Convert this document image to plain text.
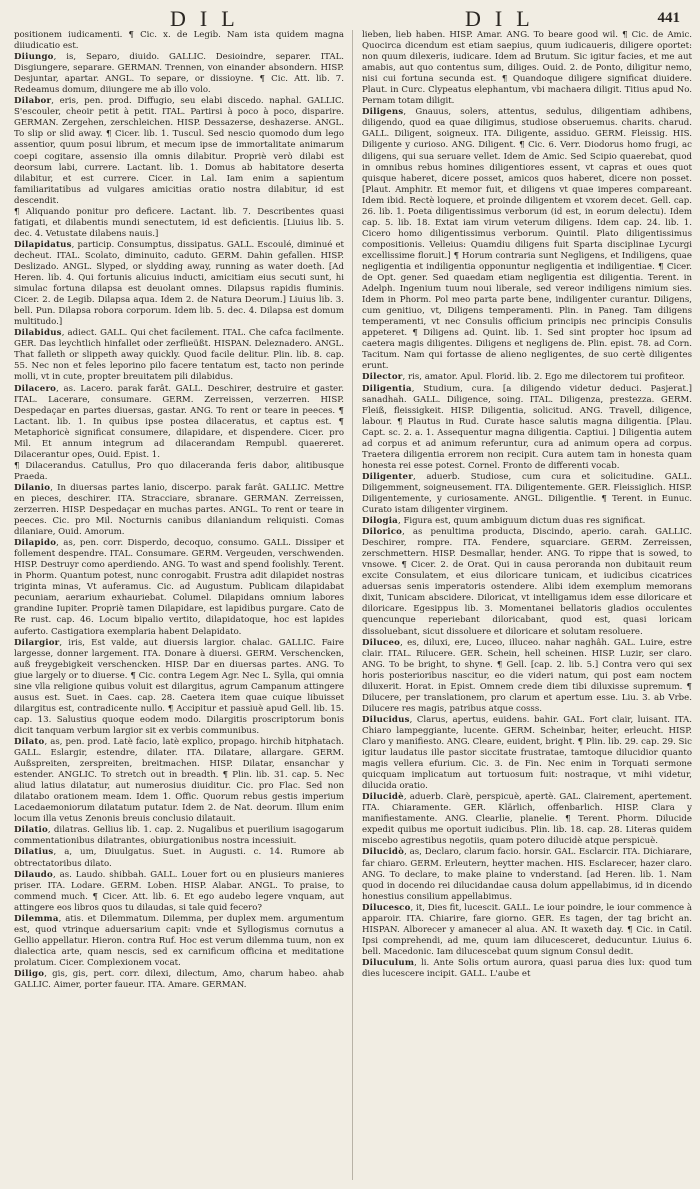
DIL	DIL	441

positionem iudicamenti. ¶ Cic. x. de Legib. Nam ista quidem magna diiudicatio est.

Diiungo, is, Separo, diuido. GALLIC. Desioindre, separer. ITAL. Disgiungere, separare. GERMAN. Trennen, von einander absondern. HISP. Desjuntar, apartar. ANGL. To separe, or dissioyne. ¶ Cic. Att. lib. 7. Redeamus domum, diiungere me ab illo volo.

Dilabor, eris, pen. prod. Diffugio, seu elabi discedo. naphal. GALLIC. S'escouler, cheoir petit à petit. ITAL. Partirsi à poco à poco, disparire. GERMAN. Zergehen, zerschleichen. HISP. Dessazerse, deshazerse. ANGL. To slip or slid away. ¶ Cicer. lib. 1. Tuscul. Sed nescio quomodo dum lego assentior, quum posui librum, et mecum ipse de immortalitate animarum coepi cogitare, assensio illa omnis dilabitur. Propriè verò dilabi est deorsum labi, currere. Lactant. lib. 1. Domus ab habitatore deserta dilabitur, et est currere. Cicer. in Lal. Iam enim a sapientum familiaritatibus ad vulgares amicitias oratio nostra dilabitur, id est descendit.

¶ Aliquando ponitur pro deficere. Lactant. lib. 7. Describentes quasi fatigati, et dilabentis mundi senectutem, id est deficientis. [Liuius lib. 5. dec. 4. Vetustate dilabens nauis.]

Dilapidatus, particip. Consumptus, dissipatus. GALL. Escoulé, diminué et decheut. ITAL. Scolato, diminuito, caduto. GERM. Dahin gefallen. HISP. Deslizado. ANGL. Slyped, or slydding away, running as water doeth. [Ad Heren. lib. 4. Qui fortunis alicuius inducti, amicitiam eius secuti sunt, hi simulac fortuna dilapsa est deuolant omnes. Dilapsus rapidis fluminis. Cicer. 2. de Legib. Dilapsa aqua. Idem 2. de Natura Deorum.] Liuius lib. 3. bell. Pun. Dilapsa robora corporum. Idem lib. 5. dec. 4. Dilapsa est domum multitudo.]

Dilabidus, adiect. GALL. Qui chet facilement. ITAL. Che cafca facilmente. GER. Das leychtlich hinfallet oder zerflieüßt. HISPAN. Deleznadero. ANGL. That falleth or slippeth away quickly. Quod facile delitur. Plin. lib. 8. cap. 55. Nec non et feles leporino pilo facere tentatum est, tacto non perinde molli, vt in cute, propter breuitatem pili dilabidus.

Dilacero, as. Lacero. parak farât. GALL. Deschirer, destruire et gaster. ITAL. Lacerare, consumare. GERM. Zerreissen, verzerren. HISP. Despedaçar en partes diuersas, gastar. ANG. To rent or teare in peeces. ¶ Lactant. lib. 1. In quibus ipse postea dilaceratus, et captus est. ¶ Metaphoricè significat consumere, dilapidare, et dispendere. Cicer. pro Mil. Et annum integrum ad dilacerandam Rempubl. quaereret. Dilacerantur opes, Ouid. Epist. 1.

¶ Dilacerandus. Catullus, Pro quo dilaceranda feris dabor, alitibusque Praeda.

Dilanio, In diuersas partes lanio, discerpo. parak farât. GALLIC. Mettre en pieces, deschirer. ITA. Stracciare, sbranare. GERMAN. Zerreissen, zerzerren. HISP. Despedaçar en muchas partes. ANGL. To rent or teare in peeces. Cic. pro Mil. Nocturnis canibus dilaniandum reliquisti. Comas dilaniare, Ouid. Amorum.

Dilapido, as, pen. corr. Disperdo, decoquo, consumo. GALL. Dissiper et follement despendre. ITAL. Consumare. GERM. Vergeuden, verschwenden. HISP. Destruyr como aperdiendo. ANG. To wast and spend foolishly. Terent. in Phorm. Quantum potest, nunc conrogabit. Frustra adit dilapidet nostras triginta minas, Vt auferamus. Cic. ad Augustum. Publicam dilapidabat pecuniam, aerarium exhauriebat. Columel. Dilapidans omnium labores grandine Iupiter. Propriè tamen Dilapidare, est lapidibus purgare. Cato de Re rust. cap. 46. Locum bipalio vertito, dilapidatoque, hoc est lapides auferto. Castigatiora exemplaria habent Delapidato.

Dilargior, iris, Est valde, aut diuersis largior. chalac. GALLIC. Faire largesse, donner largement. ITA. Donare à diuersi. GERM. Verschencken, auß freygebigkeit verschencken. HISP. Dar en diuersas partes. ANG. To giue largely or to diuerse. ¶ Cic. contra Legem Agr. Nec L. Sylla, qui omnia sine vlla religione quibus voluit est dilargitus, agrum Campanum attingere ausus est. Suet. in Caes. cap. 28. Caetera item quae cuique libuisset dilargitus est, contradicente nullo. ¶ Accipitur et passiuè apud Gell. lib. 15. cap. 13. Salustius quoque eodem modo. Dilargitis proscriptorum bonis dicit tanquam verbum largior sit ex verbis communibus.

Dilato, as, pen. prod. Latè facio, latè explico, propago. hirchib hitphatach. GALL. Eslargir, estendre, dilater. ITA. Dilatare, allargare. GERM. Außspreiten, zerspreiten, breitmachen. HISP. Dilatar, ensanchar y estender. ANGLIC. To stretch out in breadth. ¶ Plin. lib. 31. cap. 5. Nec aliud latius dilatatur, aut numerosius diuiditur. Cic. pro Flac. Sed non dilatabo orationem meam. Idem 1. Offic. Quorum rebus gestis imperium Lacedaemoniorum dilatatum putatur. Idem 2. de Nat. deorum. Illum enim locum illa vetus Zenonis breuis conclusio dilatauit.

Dilatio, dilatras. Gellius lib. 1. cap. 2. Nugalibus et puerilium isagogarum commentationibus dilatrantes, obiurgationibus nostra incessiuit.

Dilatius, a, um, Diuulgatus. Suet. in Augusti. c. 14. Rumore ab obtrectatoribus dilato.

Dilaudo, as. Laudo. shibbah. GALL. Louer fort ou en plusieurs manieres priser. ITA. Lodare. GERM. Loben. HISP. Alabar. ANGL. To praise, to commend much. ¶ Cicer. Att. lib. 6. Et ego audebo legere vnquam, aut attingere eos libros quos tu dilaudas, si tale quid fecero?

Dilemma, atis. et Dilemmatum. Dilemma, per duplex mem. argumentum est, quod vtrinque aduersarium capit: vnde et Syllogismus cornutus a Gellio appellatur. Hieron. contra Ruf. Hoc est verum dilemma tuum, non ex dialectica arte, quam nescis, sed ex carnificum officina et meditatione prolatum. Cicer. Complexionem vocat.

Diligo, gis, gis, pert. corr. dilexi, dilectum, Amo, charum habeo. ahab GALLIC. Aimer, porter faueur. ITA. Amare. GERMAN.

lieben, lieb haben. HISP. Amar. ANG. To beare good wil. ¶ Cic. de Amic. Quocirca dicendum est etiam saepius, quum iudicaueris, diligere oportet: non quum dilexeris, iudicare. Idem ad Brutum. Sic igitur facies, et me aut amabis, aut quo contentus sum, diliges. Ouid. 2. de Ponto, diligitur nemo, nisi cui fortuna secunda est. ¶ Quandoque diligere significat diuidere. Plaut. in Curc. Clypeatus elephantum, vbi machaera diligit. Titius apud No. Pernam totam diligit.

Diligens, Gnauus, solers, attentus, sedulus, diligentiam adhibens, diligendo, quod ea quae diligimus, studiose obseruemus. charits. charud. GALL. Diligent, soigneux. ITA. Diligente, assiduo. GERM. Fleissig. HIS. Diligente y curioso. ANG. Diligent. ¶ Cic. 6. Verr. Diodorus homo frugi, ac diligens, qui sua seruare vellet. Idem de Amic. Sed Scipio quaerebat, quod in omnibus rebus homines diligentiores essent, vt capras et oues quot quisque haberet, dicere posset, amicos quos haberet, dicere non posset. [Plaut. Amphitr. Et memor fuit, et diligens vt quae imperes compareant. Idem ibid. Rectè loquere, et proinde diligentem et vxorem decet. Gell. cap. 26. lib. 1. Poeta diligentissimus verborum (id est, in eorum delectu). Idem cap. 5. lib. 18. Extat iam virum veterum diligens. Idem cap. 24. lib. 1. Cicero homo diligentissimus verborum. Quintil. Plato diligentissimus compositionis. Velleius: Quamdiu diligens fuit Sparta disciplinae Lycurgi excellissime floruit.] ¶ Horum contraria sunt Negligens, et Indiligens, quae negligentia et indiligentia opponuntur negligentia et indiligentiae. ¶ Cicer. de Opt. gener. Sed quaedam etiam negligentia est diligentia. Terent. in Adelph. Ingenium tuum noui liberale, sed vereor indiligens nimium sies. Idem in Phorm. Pol meo parta parte bene, indiligenter curantur. Diligens, cum genitiuo, vt, Diligens temperamenti. Plin. in Paneg. Tam diligens temperamenti, vt nec Consulis officium principis nec principis Consulis appeteret. ¶ Diligens ad. Quint. lib. 1. Sed sint propter hoc ipsum ad caetera magis diligentes. Diligens et negligens de. Plin. epist. 78. ad Corn. Tacitum. Nam qui fortasse de alieno negligentes, de suo certè diligentes erunt.

Dilector, ris, amator. Apul. Florid. lib. 2. Ego me dilectorem tui profiteor.

Diligentia, Studium, cura. [a diligendo videtur deduci. Pasjerat.] sanadhah. GALL. Diligence, soing. ITAL. Diligenza, prestezza. GERM. Fleiß, fleissigkeit. HISP. Diligentia, solicitud. ANG. Travell, diligence, labour. ¶ Plautus in Rud. Curate hasce salutis magna diligentia. [Plau. Capt. sc. 2. a. 1. Assequentur magna diligentia. Captiui. ] Diligentia autem ad corpus et ad animum referuntur, cura ad animum opera ad corpus. Traetera diligentia errorem non recipit. Cura autem tam in honesta quam honesta rei esse potest. Cornel. Fronto de differenti vocab.

Diligenter, aduerb. Studiose, cum cura et solicitudine. GALL. Diligemment, soigneusement. ITA. Diligentemente. GER. Fleissiglich. HISP. Diligentemente, y curiosamente. ANGL. Diligentlie. ¶ Terent. in Eunuc. Curato istam diligenter virginem.

Dilogia, Figura est, quum ambiguum dictum duas res significat.

Dilorico, as penultima producta, Discindo, aperio. carah. GALLIC. Deschirer, rompre. ITA. Fendere, squarciare. GERM. Zerreissen, zerschmettern. HISP. Desmallar, hender. ANG. To rippe that is sowed, to vnsowe. ¶ Cicer. 2. de Orat. Qui in causa peroranda non dubitauit reum excite Consulatem, et eius diloricare tunicam, et iudicibus cicatrices aduersas senis imperatoris ostendere. Alibi idem exemplum memorans dixit, Tunicam abscidere. Diloricat, vt intelligamus idem esse diloricare et diloricare. Egesippus lib. 3. Momentanei bellatoris gladios occulentes quencunque reperiebant diloricabant, quod est, quasi loricam dissoluebant, sicut dissoluere et diloricare et solutam resoluere.

Diluceo, es, diluxi, ere, Luceo, illuceo. nahar naghâh. GAL. Luire, estre clair. ITAL. Rilucere. GER. Schein, hell scheinen. HISP. Luzir, ser claro. ANG. To be bright, to shyne. ¶ Gell. [cap. 2. lib. 5.] Contra vero qui sex horis posterioribus nascitur, eo die videri natum, qui post eam noctem diluxerit. Horat. in Epist. Omnem crede diem tibi diluxisse supremum. ¶ Dilucere, per translationem, pro clarum et apertum esse. Liu. 3. ab Vrbe. Dilucere res magis, patribus atque cosss.

Dilucidus, Clarus, apertus, euidens. bahir. GAL. Fort clair, luisant. ITA. Chiaro lampeggiante, lucente. GERM. Scheinbar, heiter, erleucht. HISP. Claro y manifiesto. ANG. Cleare, euident, bright. ¶ Plin. lib. 29. cap. 29. Sic igitur laudatus ille pastor siccitate frustratae, tamtoque dilucidior quanto magis vellera efurium. Cic. 3. de Fin. Nec enim in Torquati sermone quicquam implicatum aut tortuosum fuit: nostraque, vt mihi videtur, dilucida oratio.

Dilucidè, aduerb. Clarè, perspicuè, apertè. GAL. Clairement, apertement. ITA. Chiaramente. GER. Klärlich, offenbarlich. HISP. Clara y manifiestamente. ANG. Clearlie, planelie. ¶ Terent. Phorm. Dilucide expedit quibus me oportuit iudicibus. Plin. lib. 18. cap. 28. Literas quidem miscebo agrestibus negotiis, quam potero dilucidè atque perspicuè.

Dilucidò, as, Declaro, clarum facio. horsir. GAL. Esclarcir. ITA. Dichiarare, far chiaro. GERM. Erleutern, heytter machen. HIS. Esclarecer, hazer claro. ANG. To declare, to make plaine to vnderstand. [ad Heren. lib. 1. Nam quod in docendo rei dilucidandae causa dolum appellabimus, id in dicendo honestius consilium appellabimus.

Dilucesco, it, Dies fit, lucescit. GALL. Le iour poindre, le iour commence à apparoir. ITA. Chiarire, fare giorno. GER. Es tagen, der tag bricht an. HISPAN. Alborecer y amanecer al alua. AN. It waxeth day. ¶ Cic. in Catil. Ipsi comprehendi, ad me, quum iam dilucesceret, deducuntur. Liuius 6. bell. Macedonic. Iam dilucescebat quum signum Consul dedit.

Diluculum, li. Ante Solis ortum aurora, quasi parua dies lux: quod tum dies lucescere incipit. GALL. L'aube et
